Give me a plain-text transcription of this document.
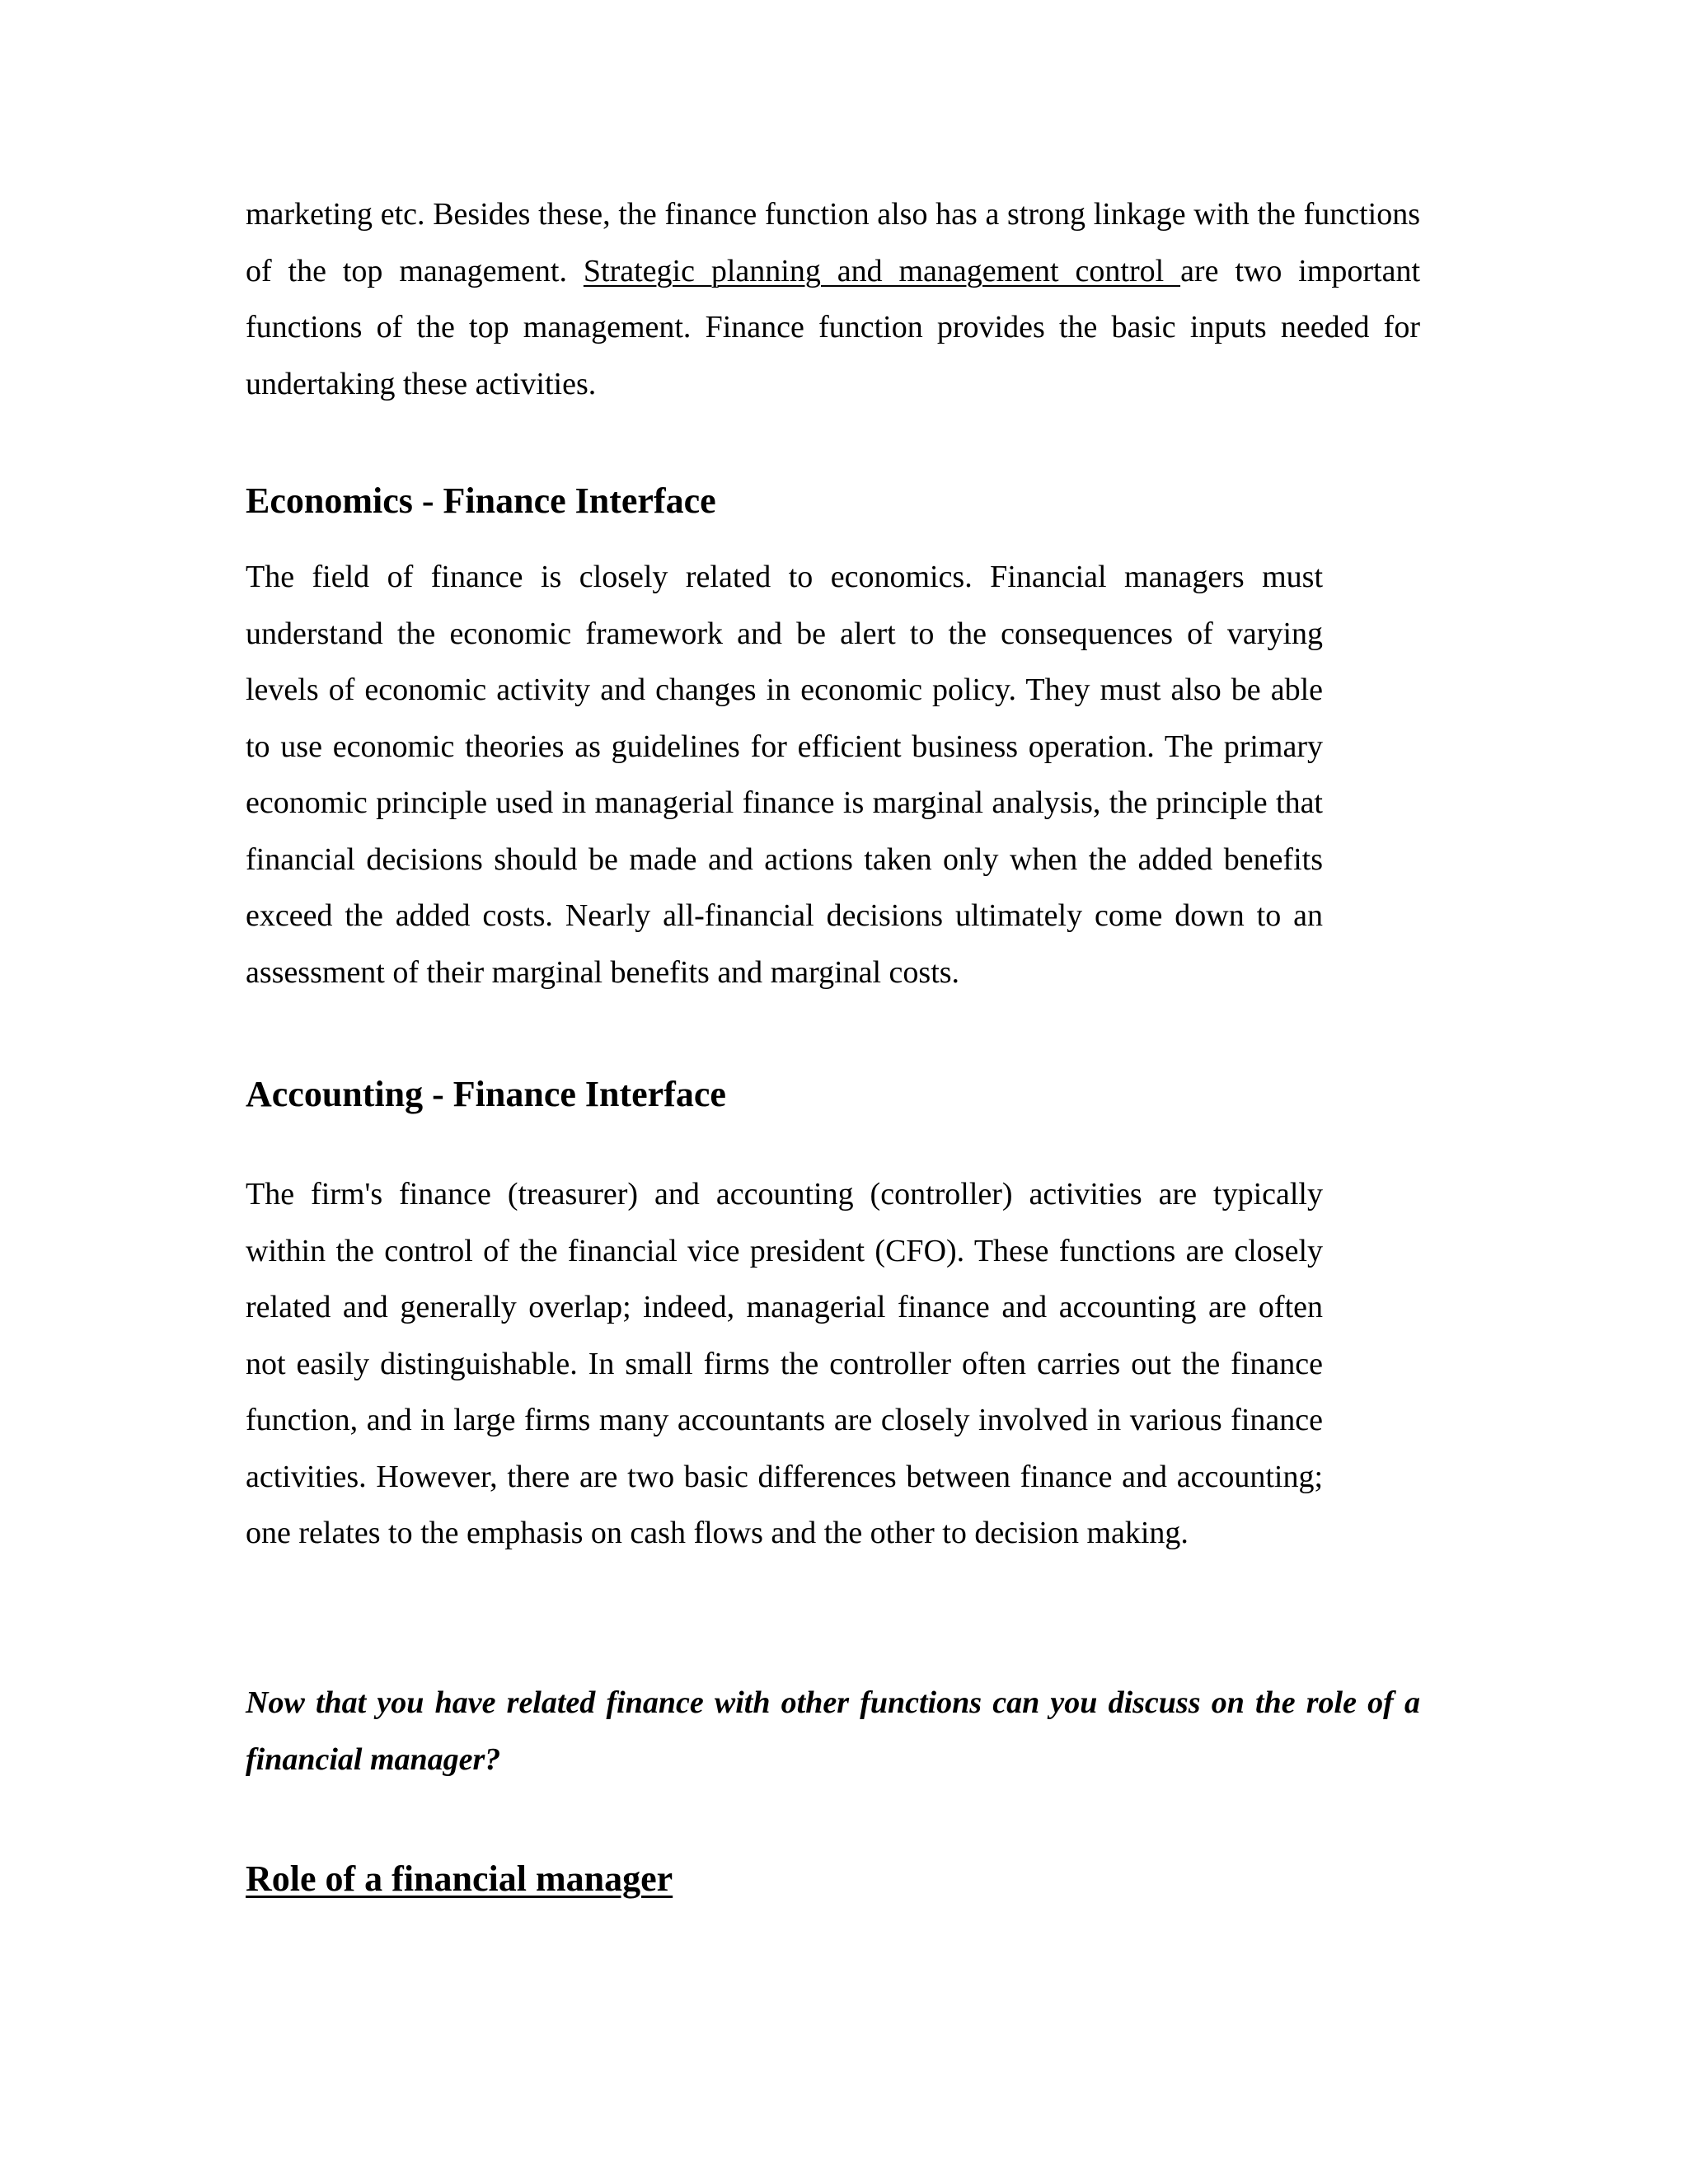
marketing etc. Besides these, the finance function also has a strong linkage with the functions of the top management. Strategic planning and management control are two important functions of the top management. Finance function provides the basic inputs needed for undertaking these activities.

Economics - Finance Interface

The field of finance is closely related to economics. Financial managers must understand the economic framework and be alert to the consequences of varying levels of economic activity and changes in economic policy. They must also be able to use economic theories as guidelines for efficient business operation. The primary economic principle used in managerial finance is marginal analysis, the principle that financial decisions should be made and actions taken only when the added benefits exceed the added costs. Nearly all-financial decisions ultimately come down to an assessment of their marginal benefits and marginal costs.

Accounting - Finance Interface

The firm's finance (treasurer) and accounting (controller) activities are typically within the control of the financial vice president (CFO). These functions are closely related and generally overlap; indeed, managerial finance and accounting are often not easily distinguishable. In small firms the controller often carries out the finance function, and in large firms many accountants are closely involved in various finance activities. However, there are two basic differences between finance and accounting; one relates to the emphasis on cash flows and the other to decision making.

Now that you have related finance with other functions can you discuss on the role of a financial manager?

Role of a financial manager
